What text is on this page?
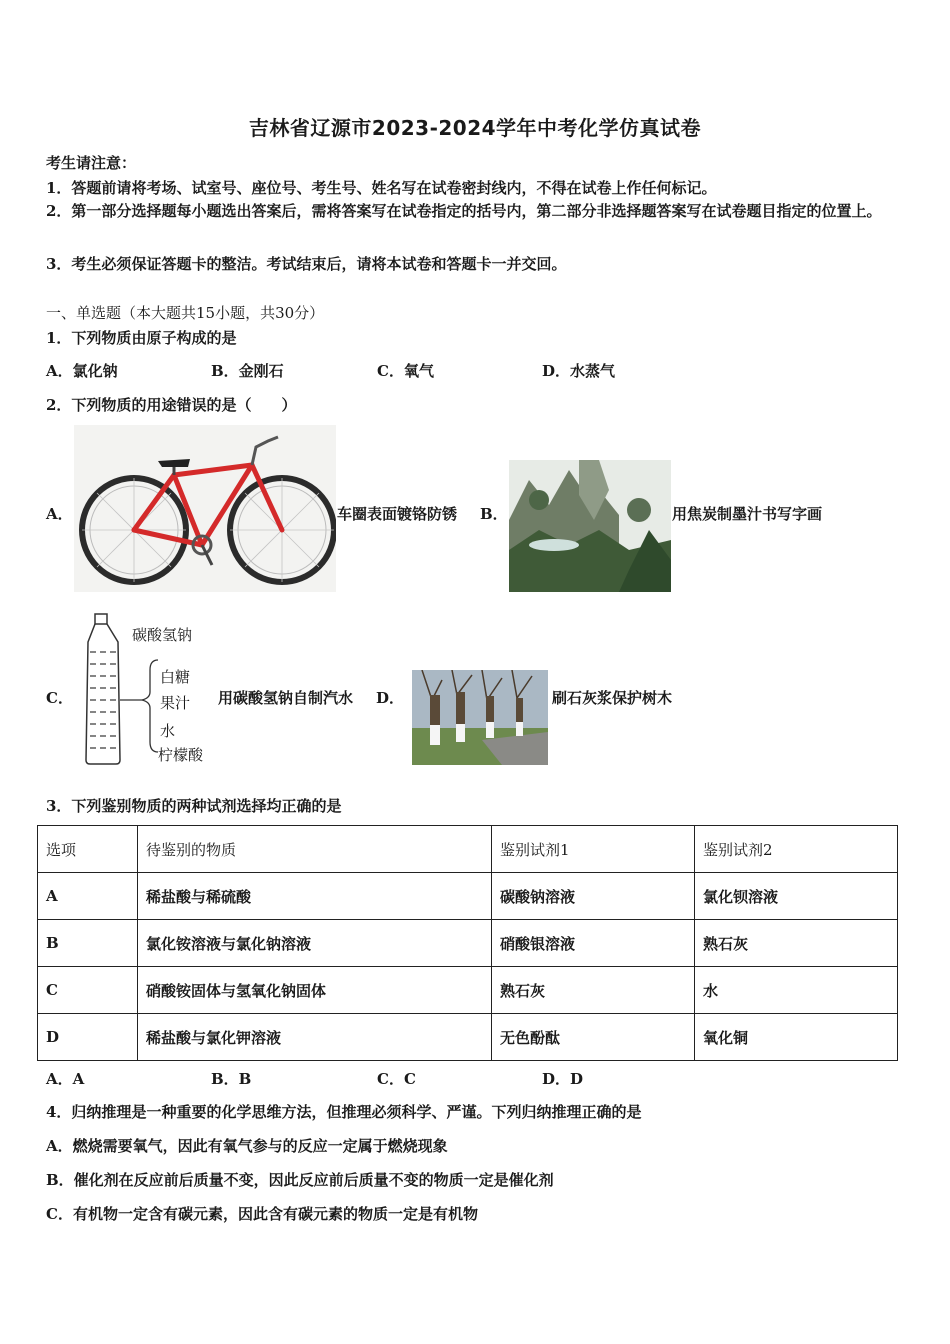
吉林省辽源市2023-2024学年中考化学仿真试卷
考生请注意：
1．答题前请将考场、试室号、座位号、考生号、姓名写在试卷密封线内，不得在试卷上作任何标记。
2．第一部分选择题每小题选出答案后，需将答案写在试卷指定的括号内，第二部分非选择题答案写在试卷题目指定的位置上。
3．考生必须保证答题卡的整洁。考试结束后，请将本试卷和答题卡一并交回。
一、单选题（本大题共15小题，共30分）
1．下列物质由原子构成的是
A．氯化钠	B．金刚石	C．氧气	D．水蒸气
2．下列物质的用途错误的是（　　）
A．	车圈表面镀铬防锈 B．	用焦炭制墨汁书写字画
C．
碳酸氢钠
白糖
果汁
水
柠檬酸
用碳酸氢钠自制汽水 D．	刷石灰浆保护树木
3．下列鉴别物质的两种试剂选择均正确的是
选项	待鉴别的物质	鉴别试剂1	鉴别试剂2
A	稀盐酸与稀硫酸	碳酸钠溶液	氯化钡溶液
B	氯化铵溶液与氯化钠溶液	硝酸银溶液	熟石灰
C	硝酸铵固体与氢氧化钠固体	熟石灰	水
D	稀盐酸与氯化钾溶液	无色酚酞	氧化铜
A．A	B．B	C．C	D．D
4．归纳推理是一种重要的化学思维方法，但推理必须科学、严谨。下列归纳推理正确的是
A．燃烧需要氧气，因此有氧气参与的反应一定属于燃烧现象
B．催化剂在反应前后质量不变，因此反应前后质量不变的物质一定是催化剂
C．有机物一定含有碳元素，因此含有碳元素的物质一定是有机物
